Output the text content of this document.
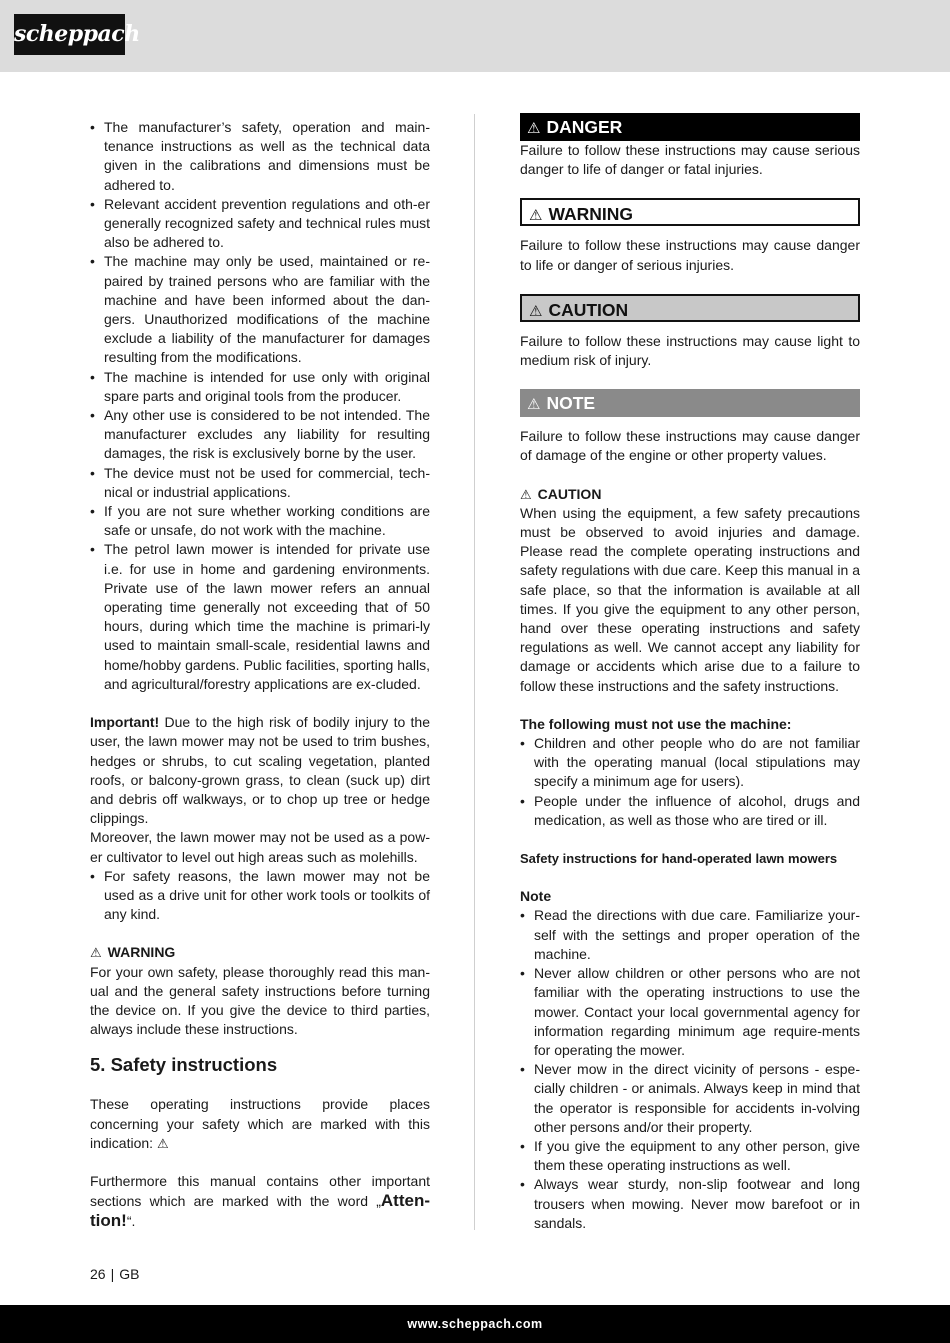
scheppach
• The manufacturer’s safety, operation and main-tenance instructions as well as the technical data given in the calibrations and dimensions must be adhered to.
• Relevant accident prevention regulations and oth-er generally recognized safety and technical rules must also be adhered to.
• The machine may only be used, maintained or re-paired by trained persons who are familiar with the machine and have been informed about the dan-gers. Unauthorized modifications of the machine exclude a liability of the manufacturer for damages resulting from the modifications.
• The machine is intended for use only with original spare parts and original tools from the producer.
• Any other use is considered to be not intended. The manufacturer excludes any liability for resulting damages, the risk is exclusively borne by the user.
• The device must not be used for commercial, tech-nical or industrial applications.
• If you are not sure whether working conditions are safe or unsafe, do not work with the machine.
• The petrol lawn mower is intended for private use i.e. for use in home and gardening environments. Private use of the lawn mower refers an annual operating time generally not exceeding that of 50 hours, during which time the machine is primari-ly used to maintain small-scale, residential lawns and home/hobby gardens. Public facilities, sporting halls, and agricultural/forestry applications are ex-cluded.

Important! Due to the high risk of bodily injury to the user, the lawn mower may not be used to trim bushes, hedges or shrubs, to cut scaling vegetation, planted roofs, or balcony-grown grass, to clean (suck up) dirt and debris off walkways, or to chop up tree or hedge clippings.

Moreover, the lawn mower may not be used as a pow-er cultivator to level out high areas such as molehills.

• For safety reasons, the lawn mower may not be used as a drive unit for other work tools or toolkits of any kind.
⚠ WARNING

For your own safety, please thoroughly read this man-ual and the general safety instructions before turning the device on. If you give the device to third parties, always include these instructions.

5. Safety instructions

These operating instructions provide places concerning your safety which are marked with this indication: ⚠

Furthermore this manual contains other important sections which are marked with the word „Atten-tion!“.

⚠ DANGER

Failure to follow these instructions may cause serious danger to life of danger or fatal injuries.

⚠ WARNING

Failure to follow these instructions may cause danger to life or danger of serious injuries.

⚠ CAUTION

Failure to follow these instructions may cause light to medium risk of injury.

⚠ NOTE

Failure to follow these instructions may cause danger of damage of the engine or other property values.

⚠ CAUTION

When using the equipment, a few safety precautions must be observed to avoid injuries and damage. Please read the complete operating instructions and safety regulations with due care. Keep this manual in a safe place, so that the information is available at all times. If you give the equipment to any other person, hand over these operating instructions and safety regulations as well. We cannot accept any liability for damage or accidents which arise due to a failure to follow these instructions and the safety instructions.

The following must not use the machine:
• Children and other people who do are not familiar with the operating manual (local stipulations may specify a minimum age for users).
• People under the influence of alcohol, drugs and medication, as well as those who are tired or ill.
Safety instructions for hand-operated lawn mowers
Note
• Read the directions with due care. Familiarize your-self with the settings and proper operation of the machine.
• Never allow children or other persons who are not familiar with the operating instructions to use the mower. Contact your local governmental agency for information regarding minimum age require-ments for operating the mower.
• Never mow in the direct vicinity of persons - espe-cially children - or animals. Always keep in mind that the operator is responsible for accidents in-volving other persons and/or their property.
• If you give the equipment to any other person, give them these operating instructions as well.
• Always wear sturdy, non-slip footwear and long trousers when mowing. Never mow barefoot or in sandals.
26 | GB
www.scheppach.com
